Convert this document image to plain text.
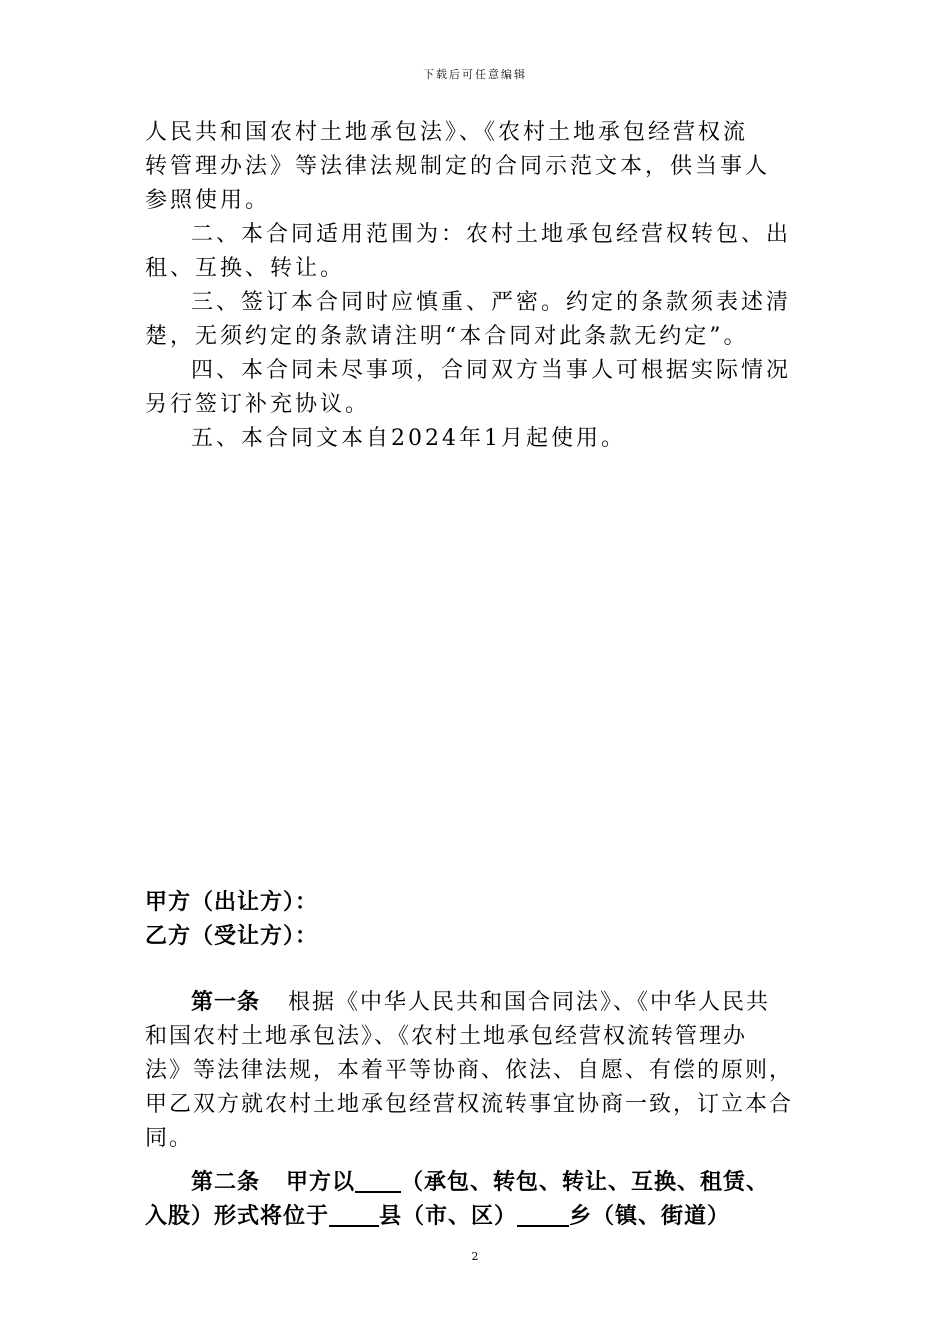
下载后可任意编辑
人民共和国农村土地承包法》、《农村土地承包经营权流
转管理办法》等法律法规制定的合同示范文本，供当事人
参照使用。
二、本合同适用范围为：农村土地承包经营权转包、出
租、互换、转让。
三、签订本合同时应慎重、严密。约定的条款须表述清
楚，无须约定的条款请注明“本合同对此条款无约定”。
四、本合同未尽事项，合同双方当事人可根据实际情况
另行签订补充协议。
五、本合同文本自2024年1月起使用。
甲方（出让方）：
乙方（受让方）：
第一条 根据《中华人民共和国合同法》、《中华人民共
和国农村土地承包法》、《农村土地承包经营权流转管理办
法》等法律法规，本着平等协商、依法、自愿、有偿的原则，
甲乙双方就农村土地承包经营权流转事宜协商一致，订立本合
同。
第二条 甲方以 （承包、转包、转让、互换、租赁、
入股）形式将位于 县（市、区） 乡（镇、街道）
2
